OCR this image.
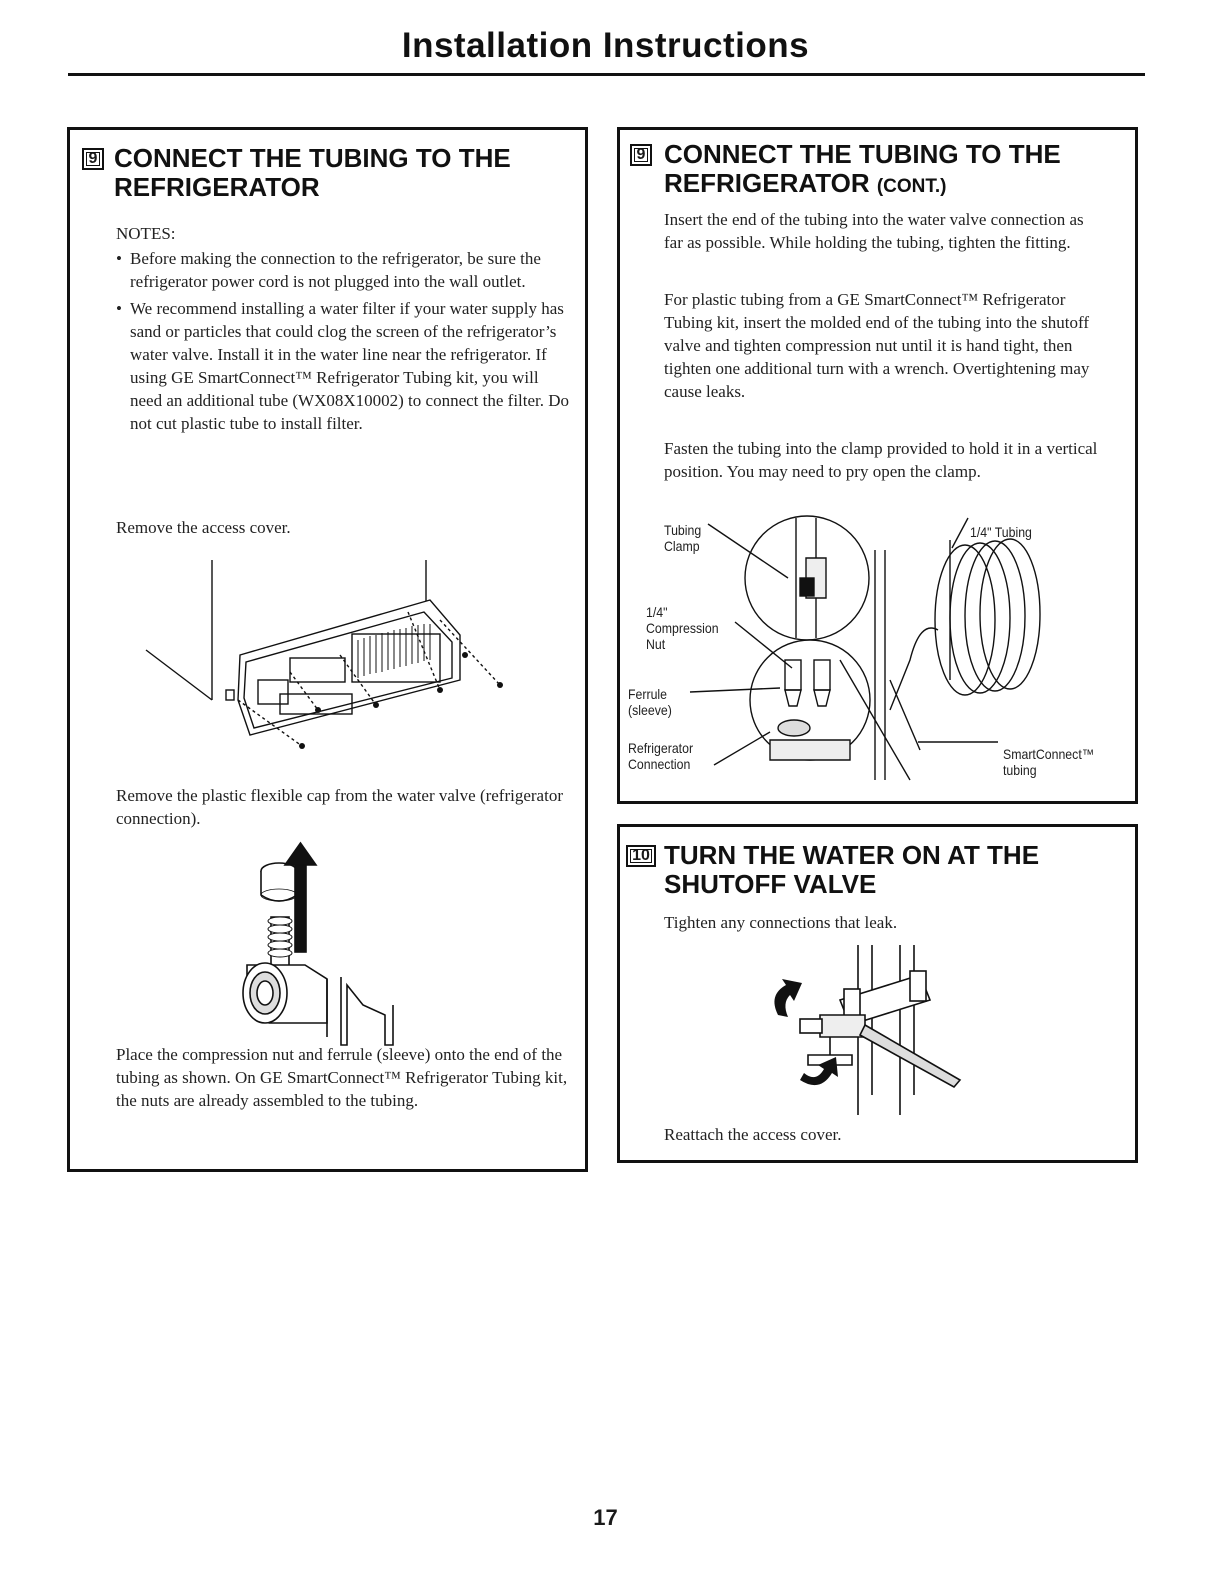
Installation Instructions
9 CONNECT THE TUBING TO THE
REFRIGERATOR
NOTES:
• Before making the connection to the refrigerator, be sure the refrigerator power cord is not plugged into the wall outlet.
• We recommend installing a water filter if your water supply has sand or particles that could clog the screen of the refrigerator’s water valve. Install it in the water line near the refrigerator. If using GE SmartConnect™ Refrigerator Tubing kit, you will need an additional tube (WX08X10002) to connect the filter. Do not cut plastic tube to install filter.
Remove the access cover.
Remove the plastic flexible cap from the water valve (refrigerator connection).
Place the compression nut and ferrule (sleeve) onto the end of the tubing as shown. On GE SmartConnect™ Refrigerator Tubing kit, the nuts are already assembled to the tubing.
9 CONNECT THE TUBING TO THE
REFRIGERATOR (CONT.)
Insert the end of the tubing into the water valve connection as far as possible. While holding the tubing, tighten the fitting.
For plastic tubing from a GE SmartConnect™ Refrigerator Tubing kit, insert the molded end of the tubing into the shutoff valve and tighten compression nut until it is hand tight, then tighten one additional turn with a wrench. Overtightening may cause leaks.
Fasten the tubing into the clamp provided to hold it in a vertical position. You may need to pry open the clamp.
Tubing
Clamp
1/4"
Compression
Nut
Ferrule
(sleeve)
Refrigerator
Connection
1/4" Tubing
SmartConnect™
tubing
10 TURN THE WATER ON AT THE
SHUTOFF VALVE
Tighten any connections that leak.
Reattach the access cover.
17
